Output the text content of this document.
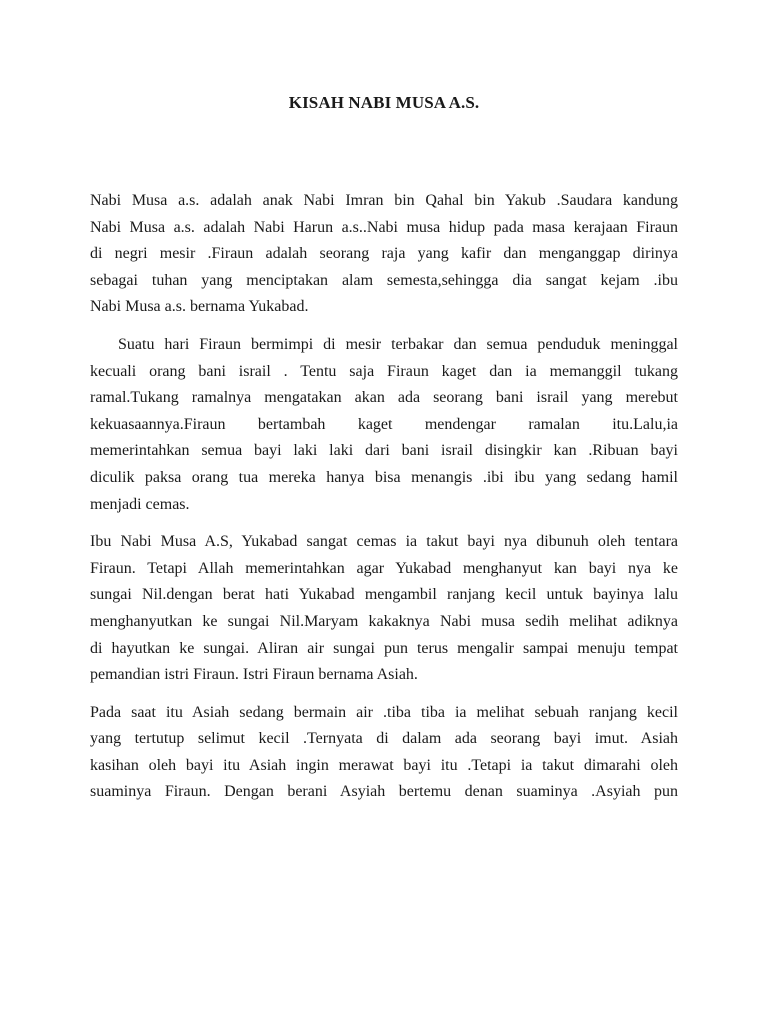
KISAH NABI MUSA A.S.

Nabi Musa a.s. adalah anak Nabi Imran bin Qahal bin Yakub .Saudara kandung
Nabi Musa a.s. adalah Nabi Harun a.s..Nabi musa hidup pada masa kerajaan Firaun
di negri mesir .Firaun adalah seorang raja yang kafir dan menganggap dirinya
sebagai tuhan yang menciptakan alam semesta,sehingga dia sangat kejam .ibu
Nabi Musa a.s. bernama Yukabad.

Suatu hari Firaun bermimpi di mesir terbakar dan semua penduduk meninggal
kecuali orang bani israil . Tentu saja Firaun kaget dan ia memanggil tukang
ramal.Tukang ramalnya mengatakan akan ada seorang bani israil yang merebut
kekuasaannya.Firaun bertambah kaget mendengar ramalan itu.Lalu,ia
memerintahkan semua bayi laki laki dari bani israil disingkir kan .Ribuan bayi
diculik paksa orang tua mereka hanya bisa menangis .ibi ibu yang sedang hamil
menjadi cemas.

Ibu Nabi Musa A.S, Yukabad sangat cemas ia takut bayi nya dibunuh oleh tentara
Firaun. Tetapi Allah memerintahkan agar Yukabad menghanyut kan bayi nya ke
sungai Nil.dengan berat hati Yukabad mengambil ranjang kecil untuk bayinya lalu
menghanyutkan ke sungai Nil.Maryam kakaknya Nabi musa sedih melihat adiknya
di hayutkan ke sungai. Aliran air sungai pun terus mengalir sampai menuju tempat
pemandian istri Firaun. Istri Firaun bernama Asiah.

Pada saat itu Asiah sedang bermain air .tiba tiba ia melihat sebuah ranjang kecil
yang tertutup selimut kecil .Ternyata di dalam ada seorang bayi imut. Asiah
kasihan oleh bayi itu Asiah ingin merawat bayi itu .Tetapi ia takut dimarahi oleh
suaminya Firaun. Dengan berani Asyiah bertemu denan suaminya .Asyiah pun
